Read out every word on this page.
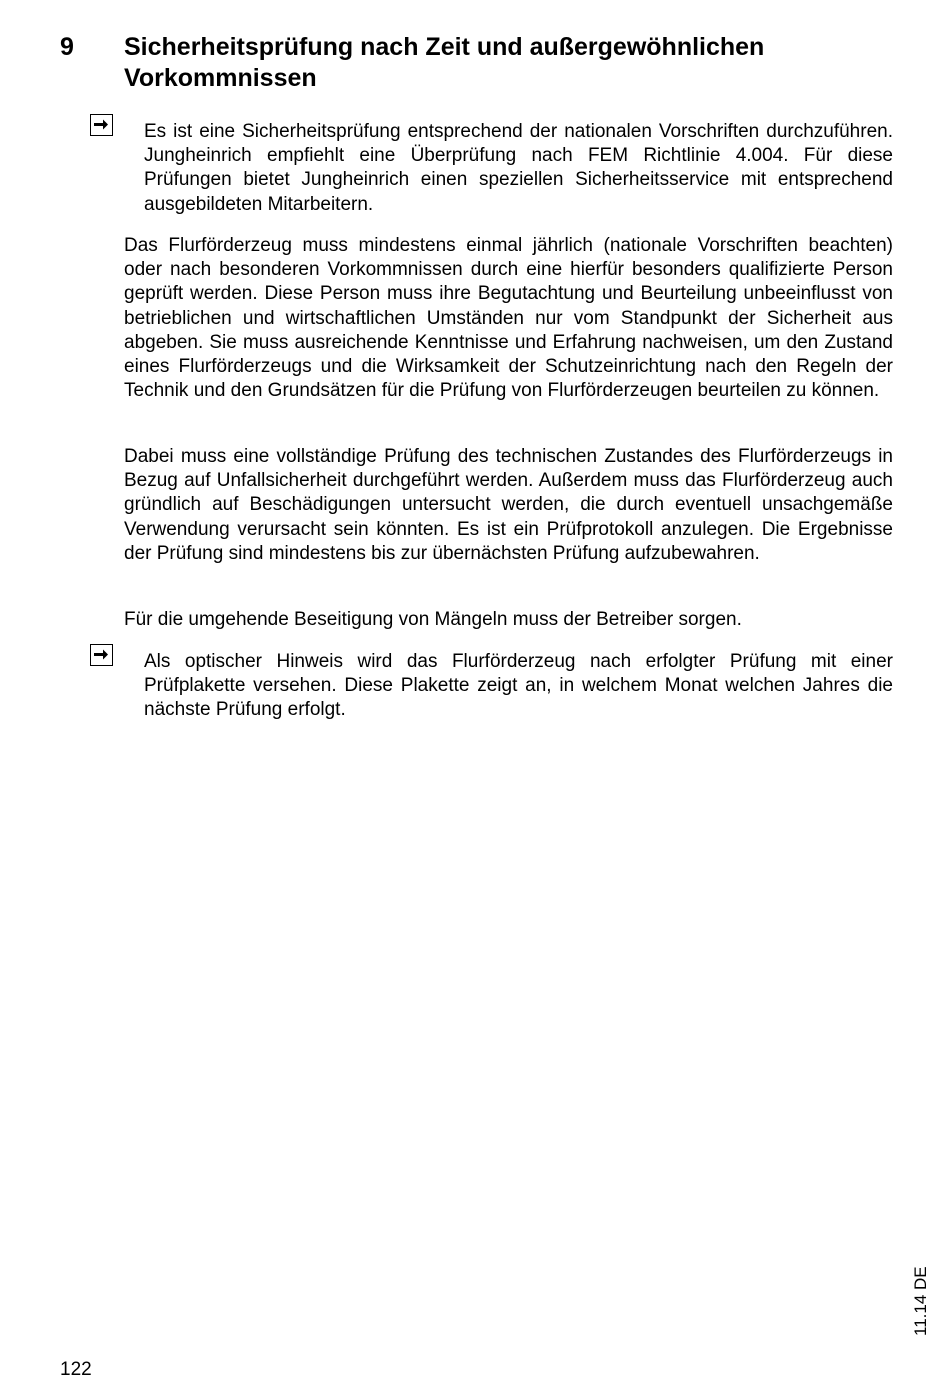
9 Sicherheitsprüfung nach Zeit und außergewöhnlichen Vorkommnissen
Es ist eine Sicherheitsprüfung entsprechend der nationalen Vorschriften durchzuführen. Jungheinrich empfiehlt eine Überprüfung nach FEM Richtlinie 4.004. Für diese Prüfungen bietet Jungheinrich einen speziellen Sicherheitsservice mit entsprechend ausgebildeten Mitarbeitern.
Das Flurförderzeug muss mindestens einmal jährlich (nationale Vorschriften beachten) oder nach besonderen Vorkommnissen durch eine hierfür besonders qualifizierte Person geprüft werden. Diese Person muss ihre Begutachtung und Beurteilung unbeeinflusst von betrieblichen und wirtschaftlichen Umständen nur vom Standpunkt der Sicherheit aus abgeben. Sie muss ausreichende Kenntnisse und Erfahrung nachweisen, um den Zustand eines Flurförderzeugs und die Wirksamkeit der Schutzeinrichtung nach den Regeln der Technik und den Grundsätzen für die Prüfung von Flurförderzeugen beurteilen zu können.
Dabei muss eine vollständige Prüfung des technischen Zustandes des Flurförderzeugs in Bezug auf Unfallsicherheit durchgeführt werden. Außerdem muss das Flurförderzeug auch gründlich auf Beschädigungen untersucht werden, die durch eventuell unsachgemäße Verwendung verursacht sein könnten. Es ist ein Prüfprotokoll anzulegen. Die Ergebnisse der Prüfung sind mindestens bis zur übernächsten Prüfung aufzubewahren.
Für die umgehende Beseitigung von Mängeln muss der Betreiber sorgen.
Als optischer Hinweis wird das Flurförderzeug nach erfolgter Prüfung mit einer Prüfplakette versehen. Diese Plakette zeigt an, in welchem Monat welchen Jahres die nächste Prüfung erfolgt.
11.14 DE
122
